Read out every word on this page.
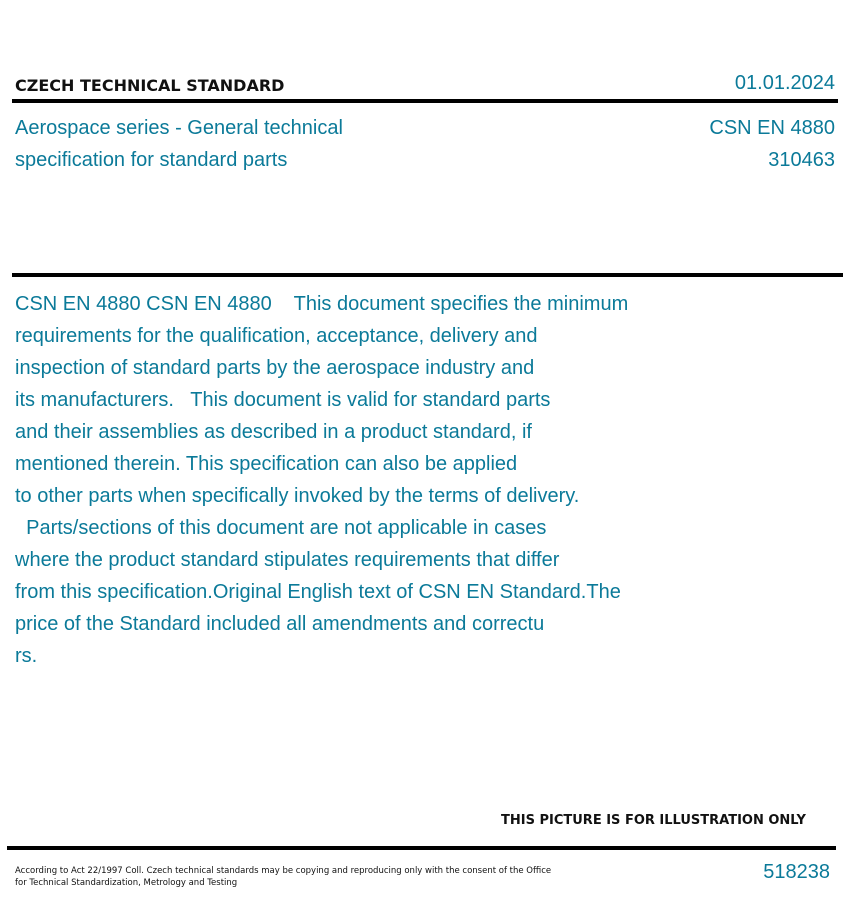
CZECH TECHNICAL STANDARD	01.01.2024
Aerospace series - General technical
specification for standard parts
CSN EN 4880
310463
CSN EN 4880 CSN EN 4880    This document specifies the minimum
requirements for the qualification, acceptance, delivery and
inspection of standard parts by the aerospace industry and
its manufacturers.   This document is valid for standard parts
and their assemblies as described in a product standard, if
mentioned therein. This specification can also be applied
to other parts when specifically invoked by the terms of delivery.
Parts/sections of this document are not applicable in cases
where the product standard stipulates requirements that differ
from this specification.Original English text of CSN EN Standard.The
price of the Standard included all amendments and correctu
rs.
THIS PICTURE IS FOR ILLUSTRATION ONLY
According to Act 22/1997 Coll. Czech technical standards may be copying and reproducing only with the consent of the Office
for Technical Standardization, Metrology and Testing	518238
